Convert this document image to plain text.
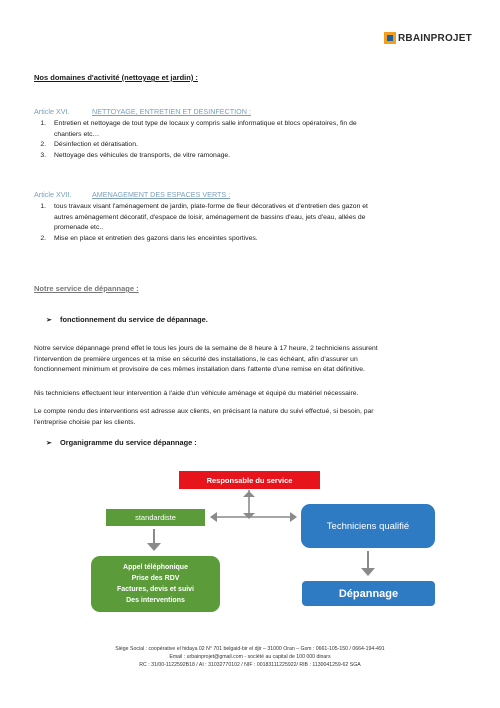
RBAINPROJET
Nos domaines d'activité (nettoyage et jardin) :
Article XVI.	NETTOYAGE, ENTRETIEN ET DESINFECTION :
1.	Entretien et nettoyage de tout type de locaux y compris salle informatique et blocs opératoires, fin de
chantiers etc…
2.	Désinfection et dératisation.
3.	Nettoyage des véhicules de transports, de vitre ramonage.
Article XVII.	AMENAGEMENT DES ESPACES VERTS :
1.	tous travaux visant l'aménagement de jardin, plate-forme de fleur décoratives et d'entretien des gazon et
autres aménagement décoratif, d'espace de loisir, aménagement de bassins d'eau, jets d'eau, allées de
promenade etc..
2.	Mise en place et entretien des gazons dans les enceintes sportives.
Notre service de dépannage :
➢	fonctionnement du service de dépannage.
Notre service dépannage prend effet le tous les jours de la semaine de 8 heure à 17 heure, 2 techniciens assurent
l'intervention de première urgences et la mise en sécurité des installations, le cas échéant, afin d'assurer un
fonctionnement minimum et provisoire de ces mêmes installation dans l'attente d'une remise en état définitive.
Nis techniciens effectuent leur intervention à l'aide d'un véhicule aménage et équipé du matériel nécessaire.
Le compte rendu des interventions est adresse aux clients, en précisant la nature du suivi effectué, si besoin, par
l'entreprise choisie par les clients.
➢	Organigramme du service dépannage :
Responsable du service
standardiste
Techniciens qualifié
Appel téléphonique
Prise des RDV
Factures, devis et suivi
Des interventions
Dépannage
Siège Social : coopérative el hidaya 02 N° 701 belgaid-bir el djir – 31000 Oran – Gsm : 0661-105-150 / 0664-194-491
Email : urbainprojet@gmail.com - société au capital de 100 000 dinars
RC : 31/00-1122592B18 / AI : 31032770102 / NIF : 00183111225922/ RIB : 1130041259-62 SGA
